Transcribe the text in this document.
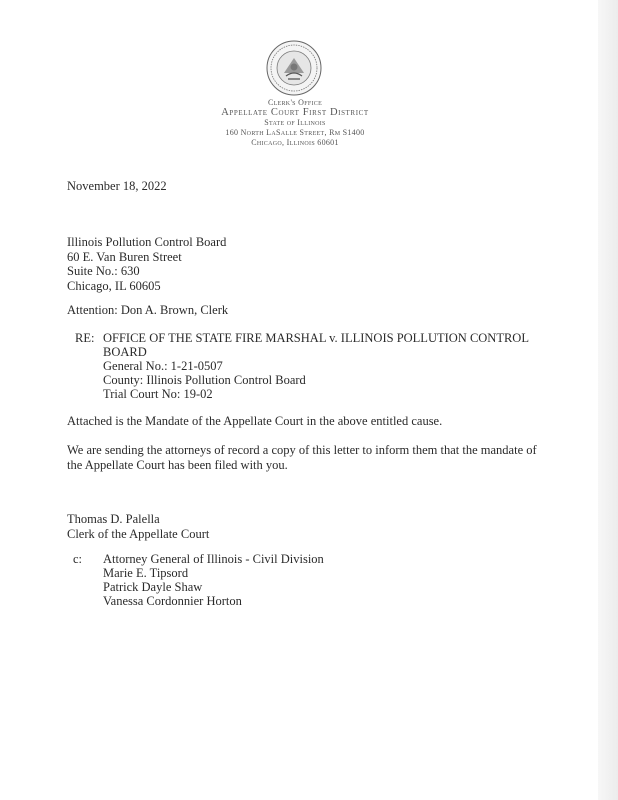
Clerk's Office
Appellate Court First District
State of Illinois
160 North LaSalle Street, Rm S1400
Chicago, Illinois 60601
November 18, 2022
Illinois Pollution Control Board
60 E. Van Buren Street
Suite No.: 630
Chicago, IL 60605
Attention: Don A. Brown, Clerk
RE: OFFICE OF THE STATE FIRE MARSHAL v. ILLINOIS POLLUTION CONTROL
BOARD
General No.: 1-21-0507
County: Illinois Pollution Control Board
Trial Court No: 19-02
Attached is the Mandate of the Appellate Court in the above entitled cause.
We are sending the attorneys of record a copy of this letter to inform them that the mandate of
the Appellate Court has been filed with you.
Thomas D. Palella
Clerk of the Appellate Court
c: Attorney General of Illinois - Civil Division
Marie E. Tipsord
Patrick Dayle Shaw
Vanessa Cordonnier Horton
